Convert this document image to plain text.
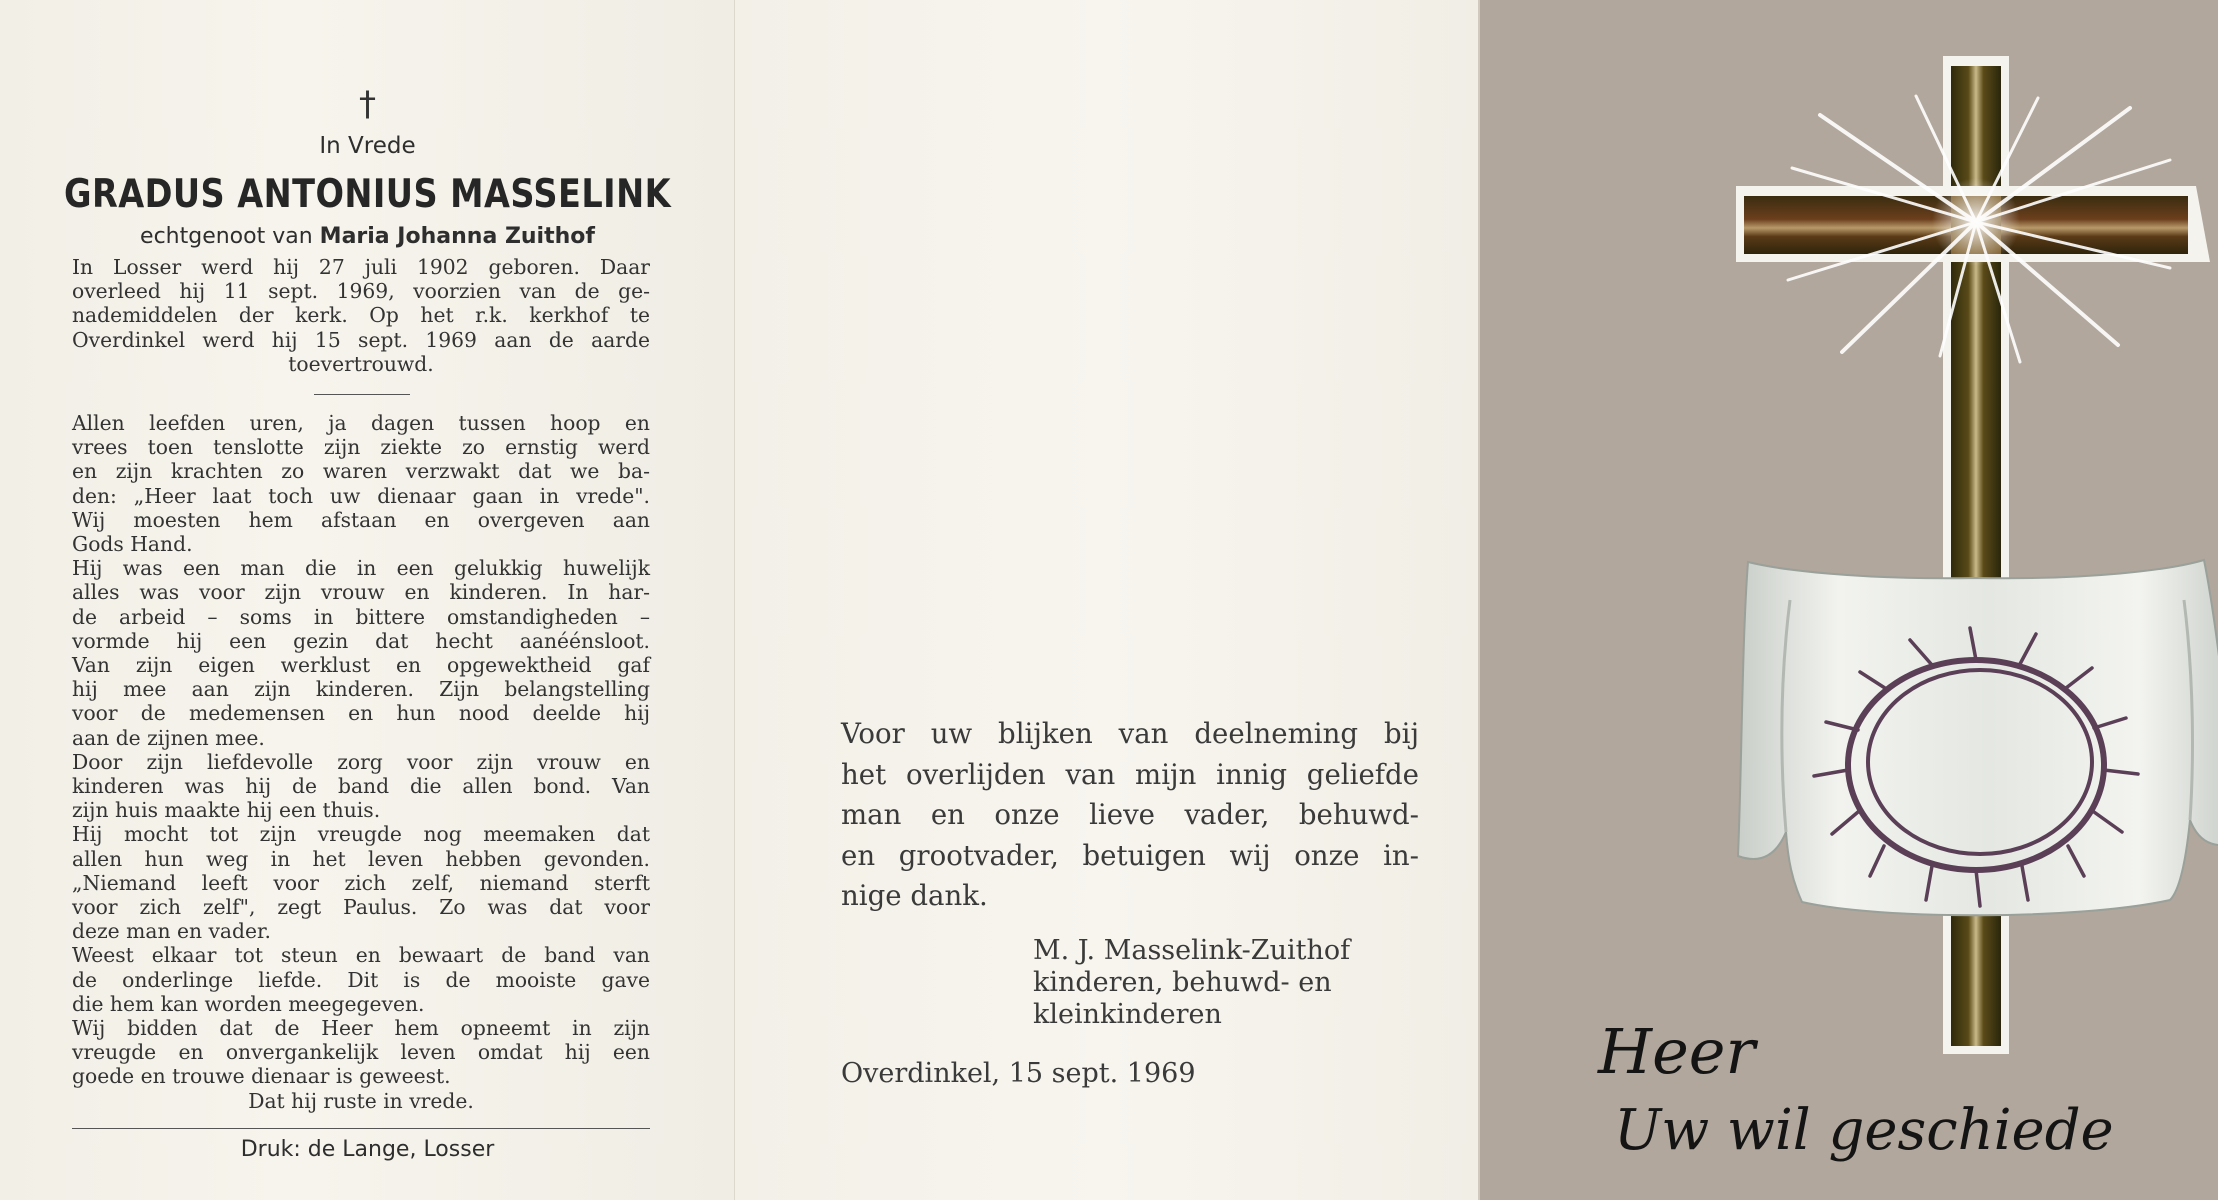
†
In Vrede
GRADUS ANTONIUS MASSELINK
echtgenoot van Maria Johanna Zuithof
In Losser werd hij 27 juli 1902 geboren. Daar
overleed hij 11 sept. 1969, voorzien van de ge-
nademiddelen der kerk. Op het r.k. kerkhof te
Overdinkel werd hij 15 sept. 1969 aan de aarde
toevertrouwd.
Allen leefden uren, ja dagen tussen hoop en
vrees toen tenslotte zijn ziekte zo ernstig werd
en zijn krachten zo waren verzwakt dat we ba-
den: „Heer laat toch uw dienaar gaan in vrede".
Wij moesten hem afstaan en overgeven aan
Gods Hand.
Hij was een man die in een gelukkig huwelijk
alles was voor zijn vrouw en kinderen. In har-
de arbeid – soms in bittere omstandigheden –
vormde hij een gezin dat hecht aanéénsloot.
Van zijn eigen werklust en opgewektheid gaf
hij mee aan zijn kinderen. Zijn belangstelling
voor de medemensen en hun nood deelde hij
aan de zijnen mee.
Door zijn liefdevolle zorg voor zijn vrouw en
kinderen was hij de band die allen bond. Van
zijn huis maakte hij een thuis.
Hij mocht tot zijn vreugde nog meemaken dat
allen hun weg in het leven hebben gevonden.
„Niemand leeft voor zich zelf, niemand sterft
voor zich zelf", zegt Paulus. Zo was dat voor
deze man en vader.
Weest elkaar tot steun en bewaart de band van
de onderlinge liefde. Dit is de mooiste gave
die hem kan worden meegegeven.
Wij bidden dat de Heer hem opneemt in zijn
vreugde en onvergankelijk leven omdat hij een
goede en trouwe dienaar is geweest.
Dat hij ruste in vrede.
Druk: de Lange, Losser
Voor uw blijken van deelneming bij
het overlijden van mijn innig geliefde
man en onze lieve vader, behuwd-
en grootvader, betuigen wij onze in-
nige dank.
M. J. Masselink-Zuithof
kinderen, behuwd- en
kleinkinderen
Overdinkel, 15 sept. 1969	Heer
Uw wil geschiede
